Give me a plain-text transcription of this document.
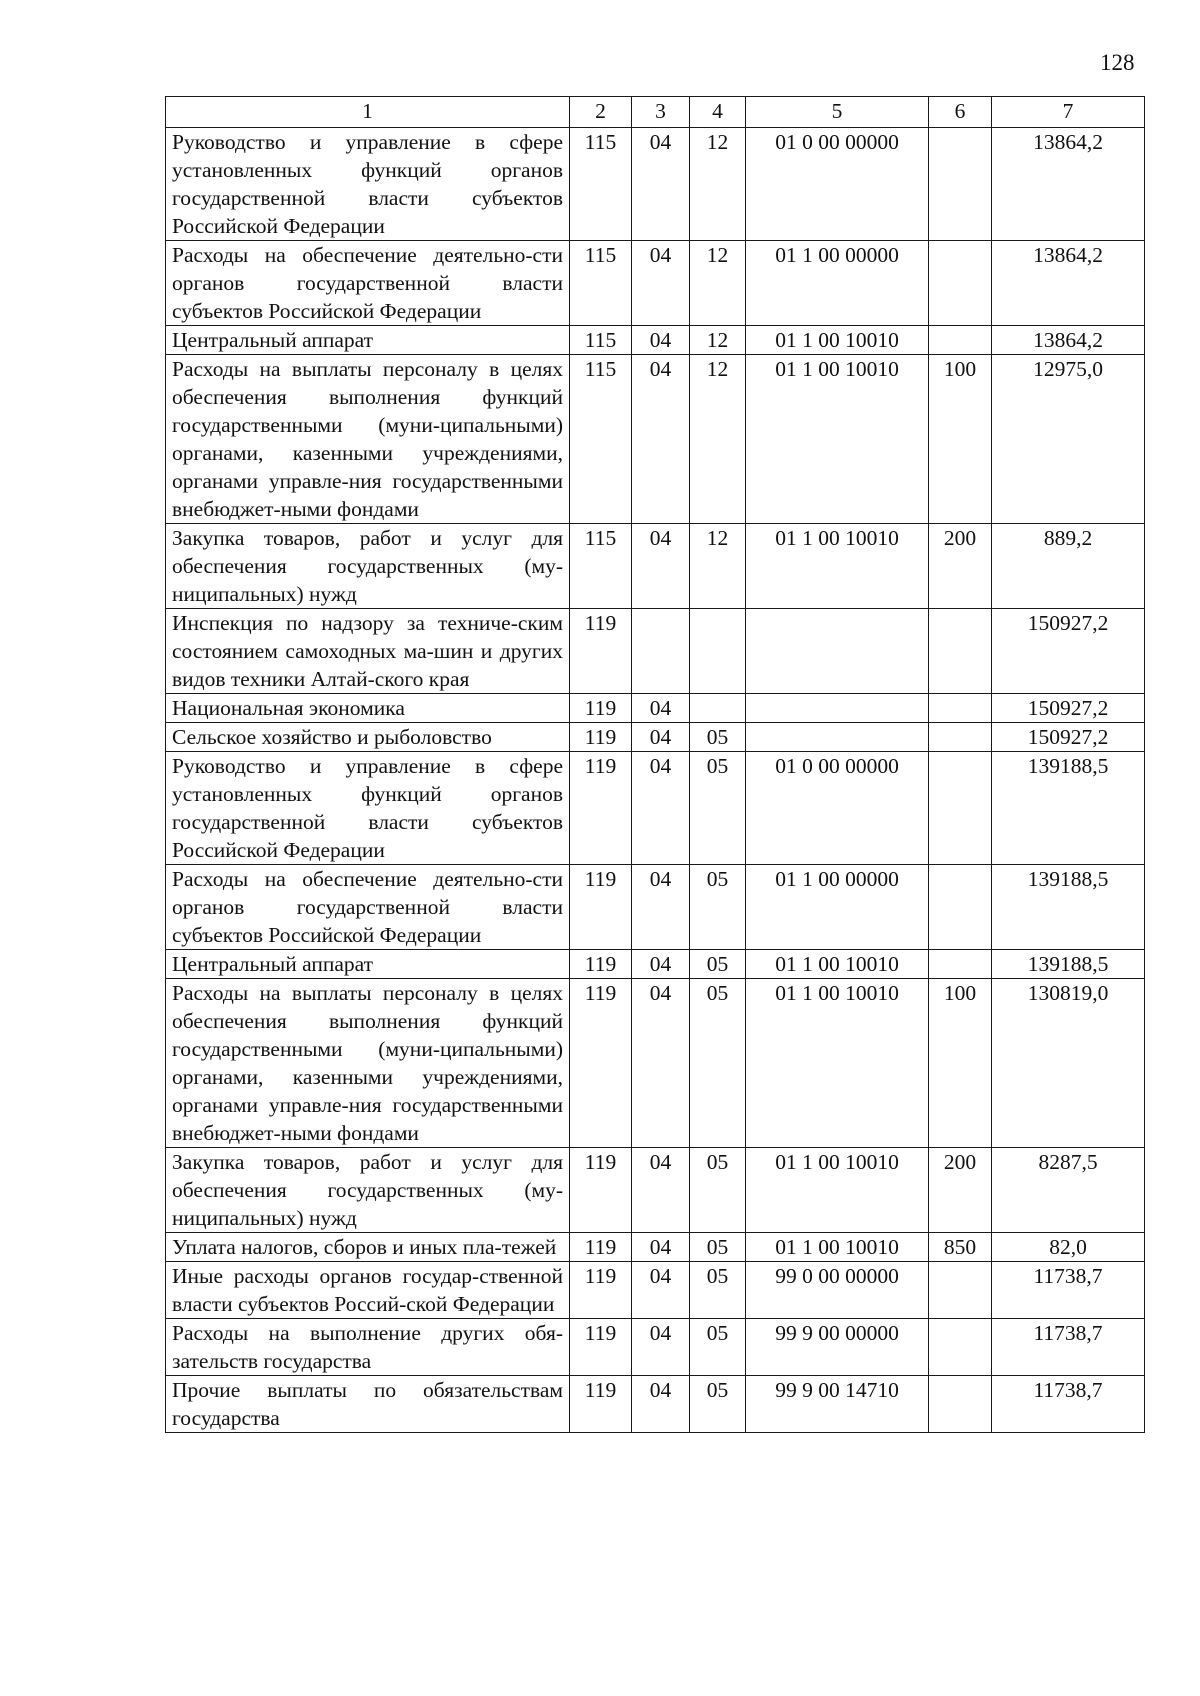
128
1	2	3	4	5	6	7
Руководство и управление в сфере установленных функций органов государственной власти субъектов Российской Федерации	115	04	12	01 0 00 00000		13864,2
Расходы на обеспечение деятельно-сти органов государственной власти субъектов Российской Федерации	115	04	12	01 1 00 00000		13864,2
Центральный аппарат	115	04	12	01 1 00 10010		13864,2
Расходы на выплаты персоналу в целях обеспечения выполнения функций государственными (муни-ципальными) органами, казенными учреждениями, органами управле-ния государственными внебюджет-ными фондами	115	04	12	01 1 00 10010	100	12975,0
Закупка товаров, работ и услуг для обеспечения государственных (му-ниципальных) нужд	115	04	12	01 1 00 10010	200	889,2
Инспекция по надзору за техниче-ским состоянием самоходных ма-шин и других видов техники Алтай-ского края	119					150927,2
Национальная экономика	119	04				150927,2
Сельское хозяйство и рыболовство	119	04	05			150927,2
Руководство и управление в сфере установленных функций органов государственной власти субъектов Российской Федерации	119	04	05	01 0 00 00000		139188,5
Расходы на обеспечение деятельно-сти органов государственной власти субъектов Российской Федерации	119	04	05	01 1 00 00000		139188,5
Центральный аппарат	119	04	05	01 1 00 10010		139188,5
Расходы на выплаты персоналу в целях обеспечения выполнения функций государственными (муни-ципальными) органами, казенными учреждениями, органами управле-ния государственными внебюджет-ными фондами	119	04	05	01 1 00 10010	100	130819,0
Закупка товаров, работ и услуг для обеспечения государственных (му-ниципальных) нужд	119	04	05	01 1 00 10010	200	8287,5
Уплата налогов, сборов и иных пла-тежей	119	04	05	01 1 00 10010	850	82,0
Иные расходы органов государ-ственной власти субъектов Россий-ской Федерации	119	04	05	99 0 00 00000		11738,7
Расходы на выполнение других обя-зательств государства	119	04	05	99 9 00 00000		11738,7
Прочие выплаты по обязательствам государства	119	04	05	99 9 00 14710		11738,7
